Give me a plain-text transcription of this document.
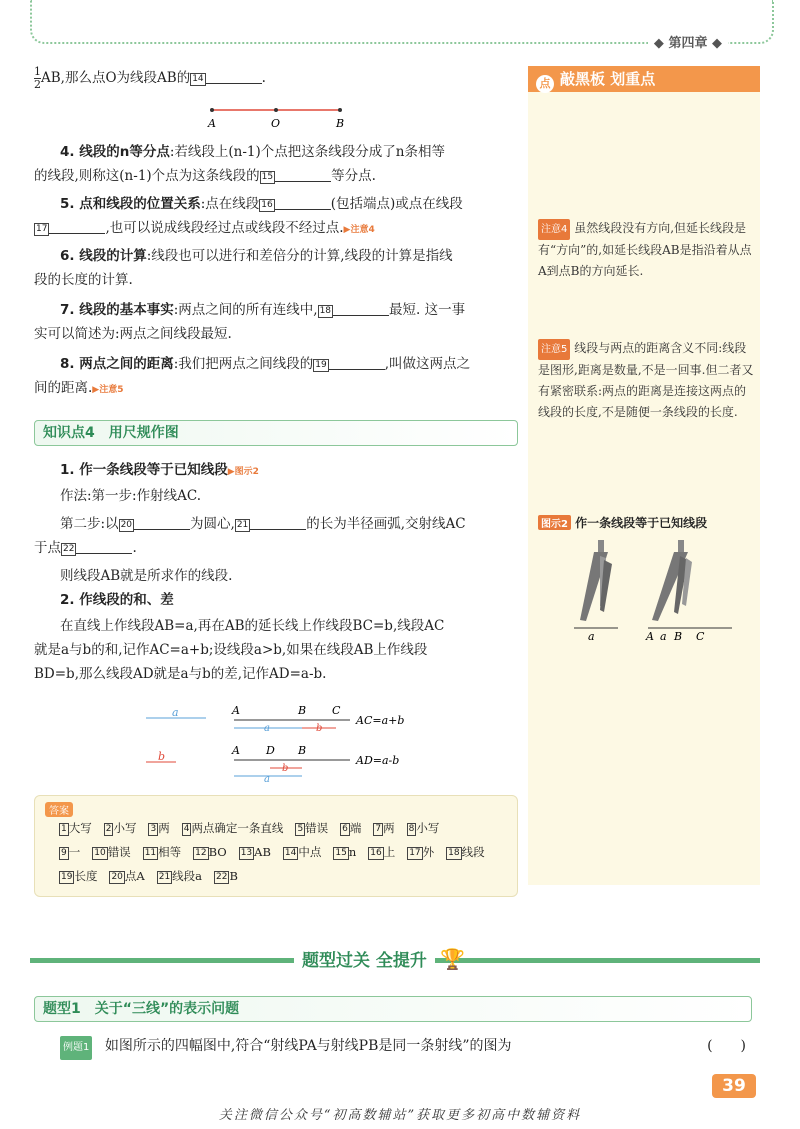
◆ 第四章 ◆
点 敲黑板 划重点
注意4 虽然线段没有方向,但延长线段是有“方向”的,如延长线段AB是指沿着从点A到点B的方向延长.
注意5 线段与两点的距离含义不同:线段是图形,距离是数量,不是一回事.但二者又有紧密联系:两点的距离是连接这两点的线段的长度,不是随便一条线段的长度.
图示2 作一条线段等于已知线段
a	A a B C
$\frac{1}{2}$ AB,那么点O为线段AB的 14	.
A	O	B
4. 线段的n等分点:若线段上(n-1)个点把这条线段分成了n条相等
的线段,则称这(n-1)个点为这条线段的 15	等分点.
5. 点和线段的位置关系:点在线段 16	(包括端点)或点在线段
17	,也可以说成线段经过点或线段不经过点.▶注意4
6. 线段的计算:线段也可以进行和差倍分的计算,线段的计算是指线
段的长度的计算.
7. 线段的基本事实:两点之间的所有连线中, 18	最短. 这一事
实可以简述为:两点之间线段最短.
8. 两点之间的距离:我们把两点之间线段的 19	,叫做这两点之
间的距离.▶注意5
知识点4　用尺规作图
1. 作一条线段等于已知线段▶图示2
作法:第一步:作射线AC.
第二步:以 20	为圆心, 21	的长为半径画弧,交射线AC
于点 22	.
则线段AB就是所求作的线段.
2. 作线段的和、差
在直线上作线段AB=a,再在AB的延长线上作线段BC=b,线段AC
就是a与b的和,记作AC=a+b;设线段a>b,如果在线段AB上作线段
BD=b,那么线段AD就是a与b的差,记作AD=a-b.
a	A	B C
a	b
AC=a+b
b	A D B
b
a
AD=a-b
答案
1 大写 2 小写 3 两 4 两点确定一条直线 5 错误 6 端 7 两 8 小写
9 一 10 错误 11 相等 12 BO 13 AB 14 中点 15 n 16 上 17 外 18 线段
19 长度 20 点A 21 线段a 22 B
题型过关 全提升 🏆
题型1　关于“三线”的表示问题
例题1 如图所示的四幅图中,符合“射线PA与射线PB是同一条射线”的图为	(　　)
39
关注微信公众号“初高数辅站”获取更多初高中数辅资料
